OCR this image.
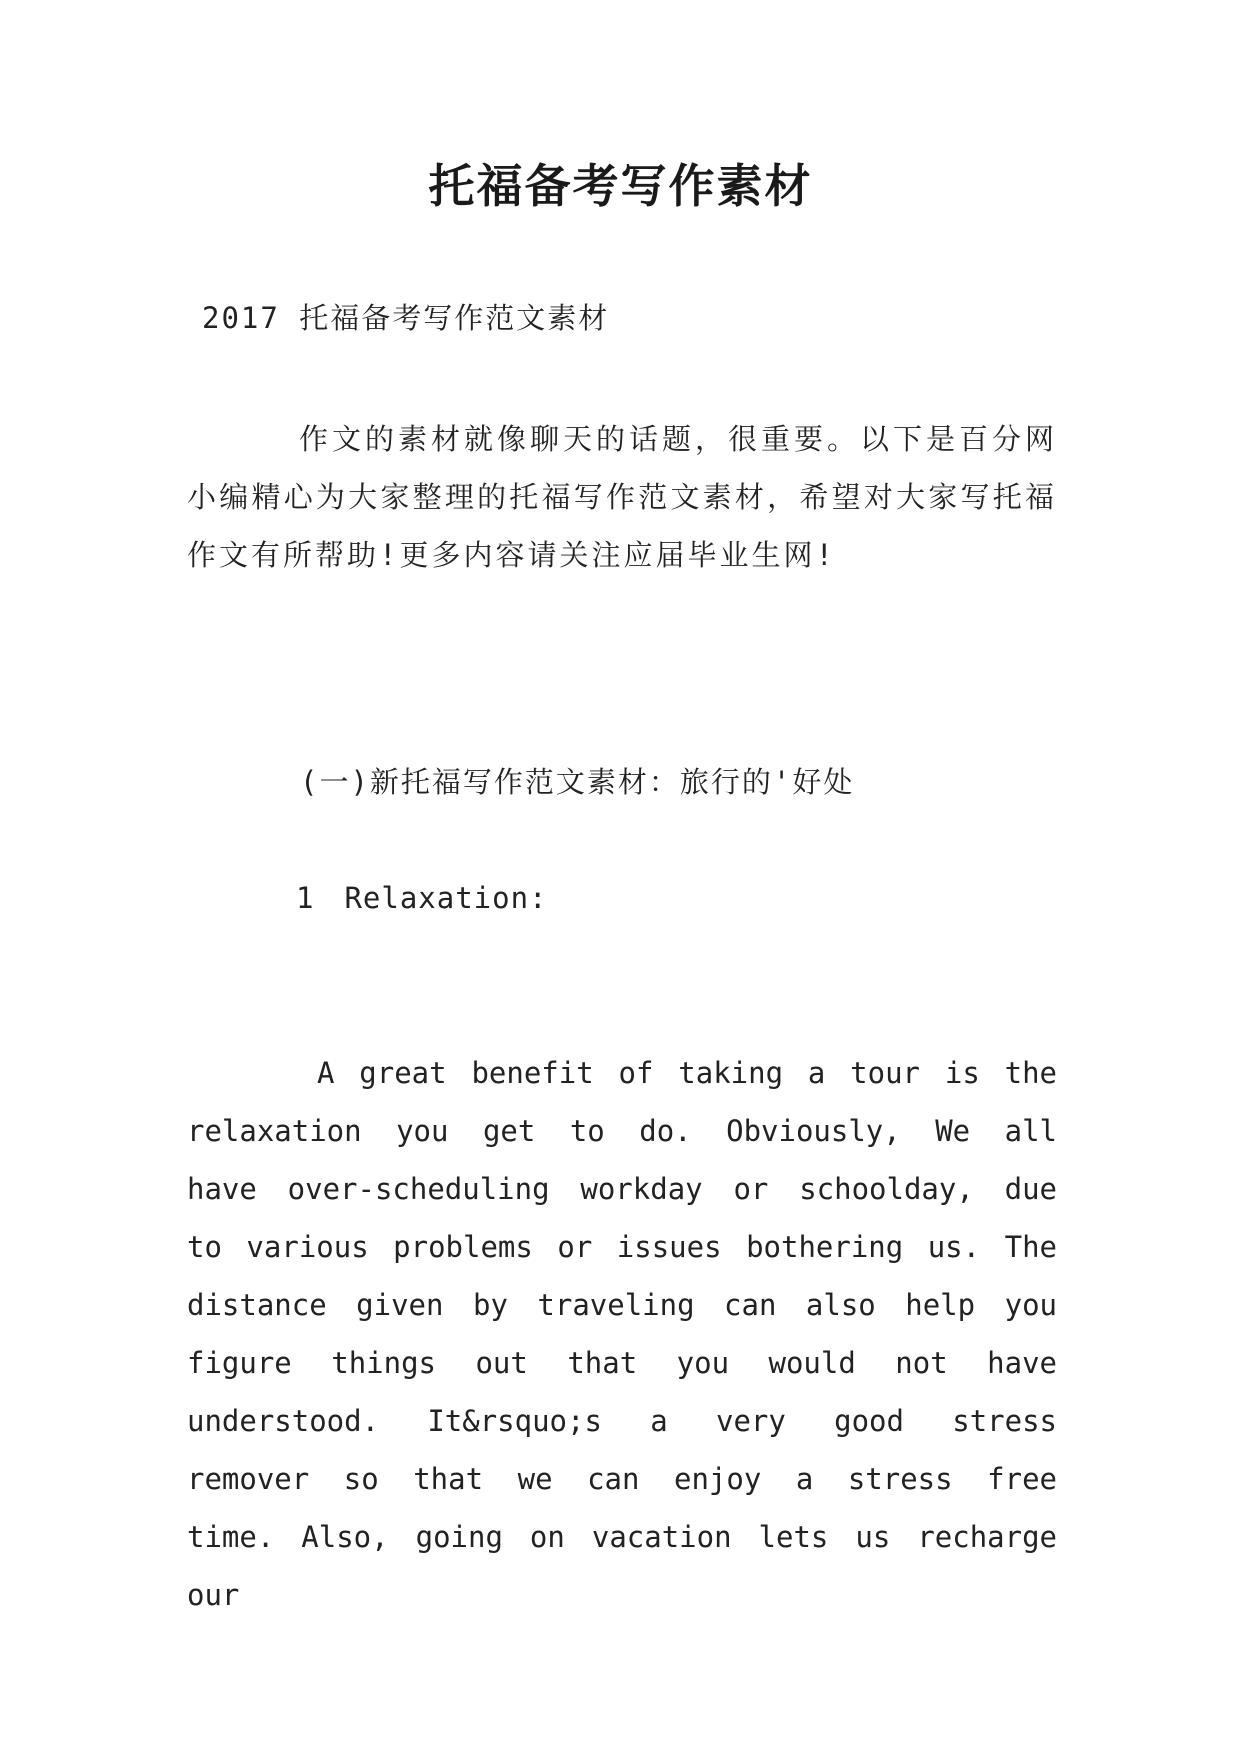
托福备考写作素材

2017 托福备考写作范文素材

作文的素材就像聊天的话题，很重要。以下是百分网小编精心为大家整理的托福写作范文素材，希望对大家写托福作文有所帮助!更多内容请关注应届毕业生网!

(一)新托福写作范文素材：旅行的'好处

1　Relaxation:

A great benefit of taking a tour is the relaxation you get to do. Obviously, We all have over-scheduling workday or schoolday, due to various problems or issues bothering us. The distance given by traveling can also help you figure things out that you would not have understood. It&rsquo;s a very good stress remover so that we can enjoy a stress free time. Also, going on vacation lets us recharge our
